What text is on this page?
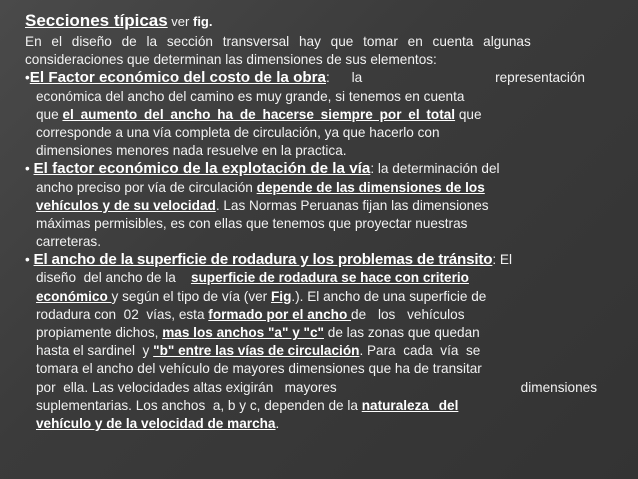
Secciones típicas ver fig.
En el diseño de la sección transversal hay que tomar en cuenta algunas
consideraciones que determinan las dimensiones de sus elementos:
•El Factor económico del costo de la obra: la	representación
económica del ancho del camino es muy grande, si tenemos en cuenta
que el aumento del ancho ha de hacerse siempre por el total que
corresponde a una vía completa de circulación, ya que hacerlo con
dimensiones menores nada resuelve en la practica.
• El factor económico de la explotación de la vía: la determinación del
ancho preciso por vía de circulación depende de las dimensiones de los
vehículos y de su velocidad. Las Normas Peruanas fijan las dimensiones
máximas permisibles, es con ellas que tenemos que proyectar nuestras
carreteras.
• El ancho de la superficie de rodadura y los problemas de tránsito: El
diseño  del ancho de la    superficie de rodadura se hace con criterio
económico y según el tipo de vía (ver Fig.). El ancho de una superficie de
rodadura con  02  vías, esta formado por el ancho de los vehículos
propiamente dichos, mas los anchos "a" y "c" de las zonas que quedan
hasta el sardinel  y "b" entre las vías de circulación. Para  cada  vía  se
tomara el ancho del vehículo de mayores dimensiones que ha de transitar
por  ella. Las velocidades altas exigirán   mayores	dimensiones
suplementarias. Los anchos  a, b y c, dependen de la naturaleza del
vehículo y de la velocidad de marcha.
